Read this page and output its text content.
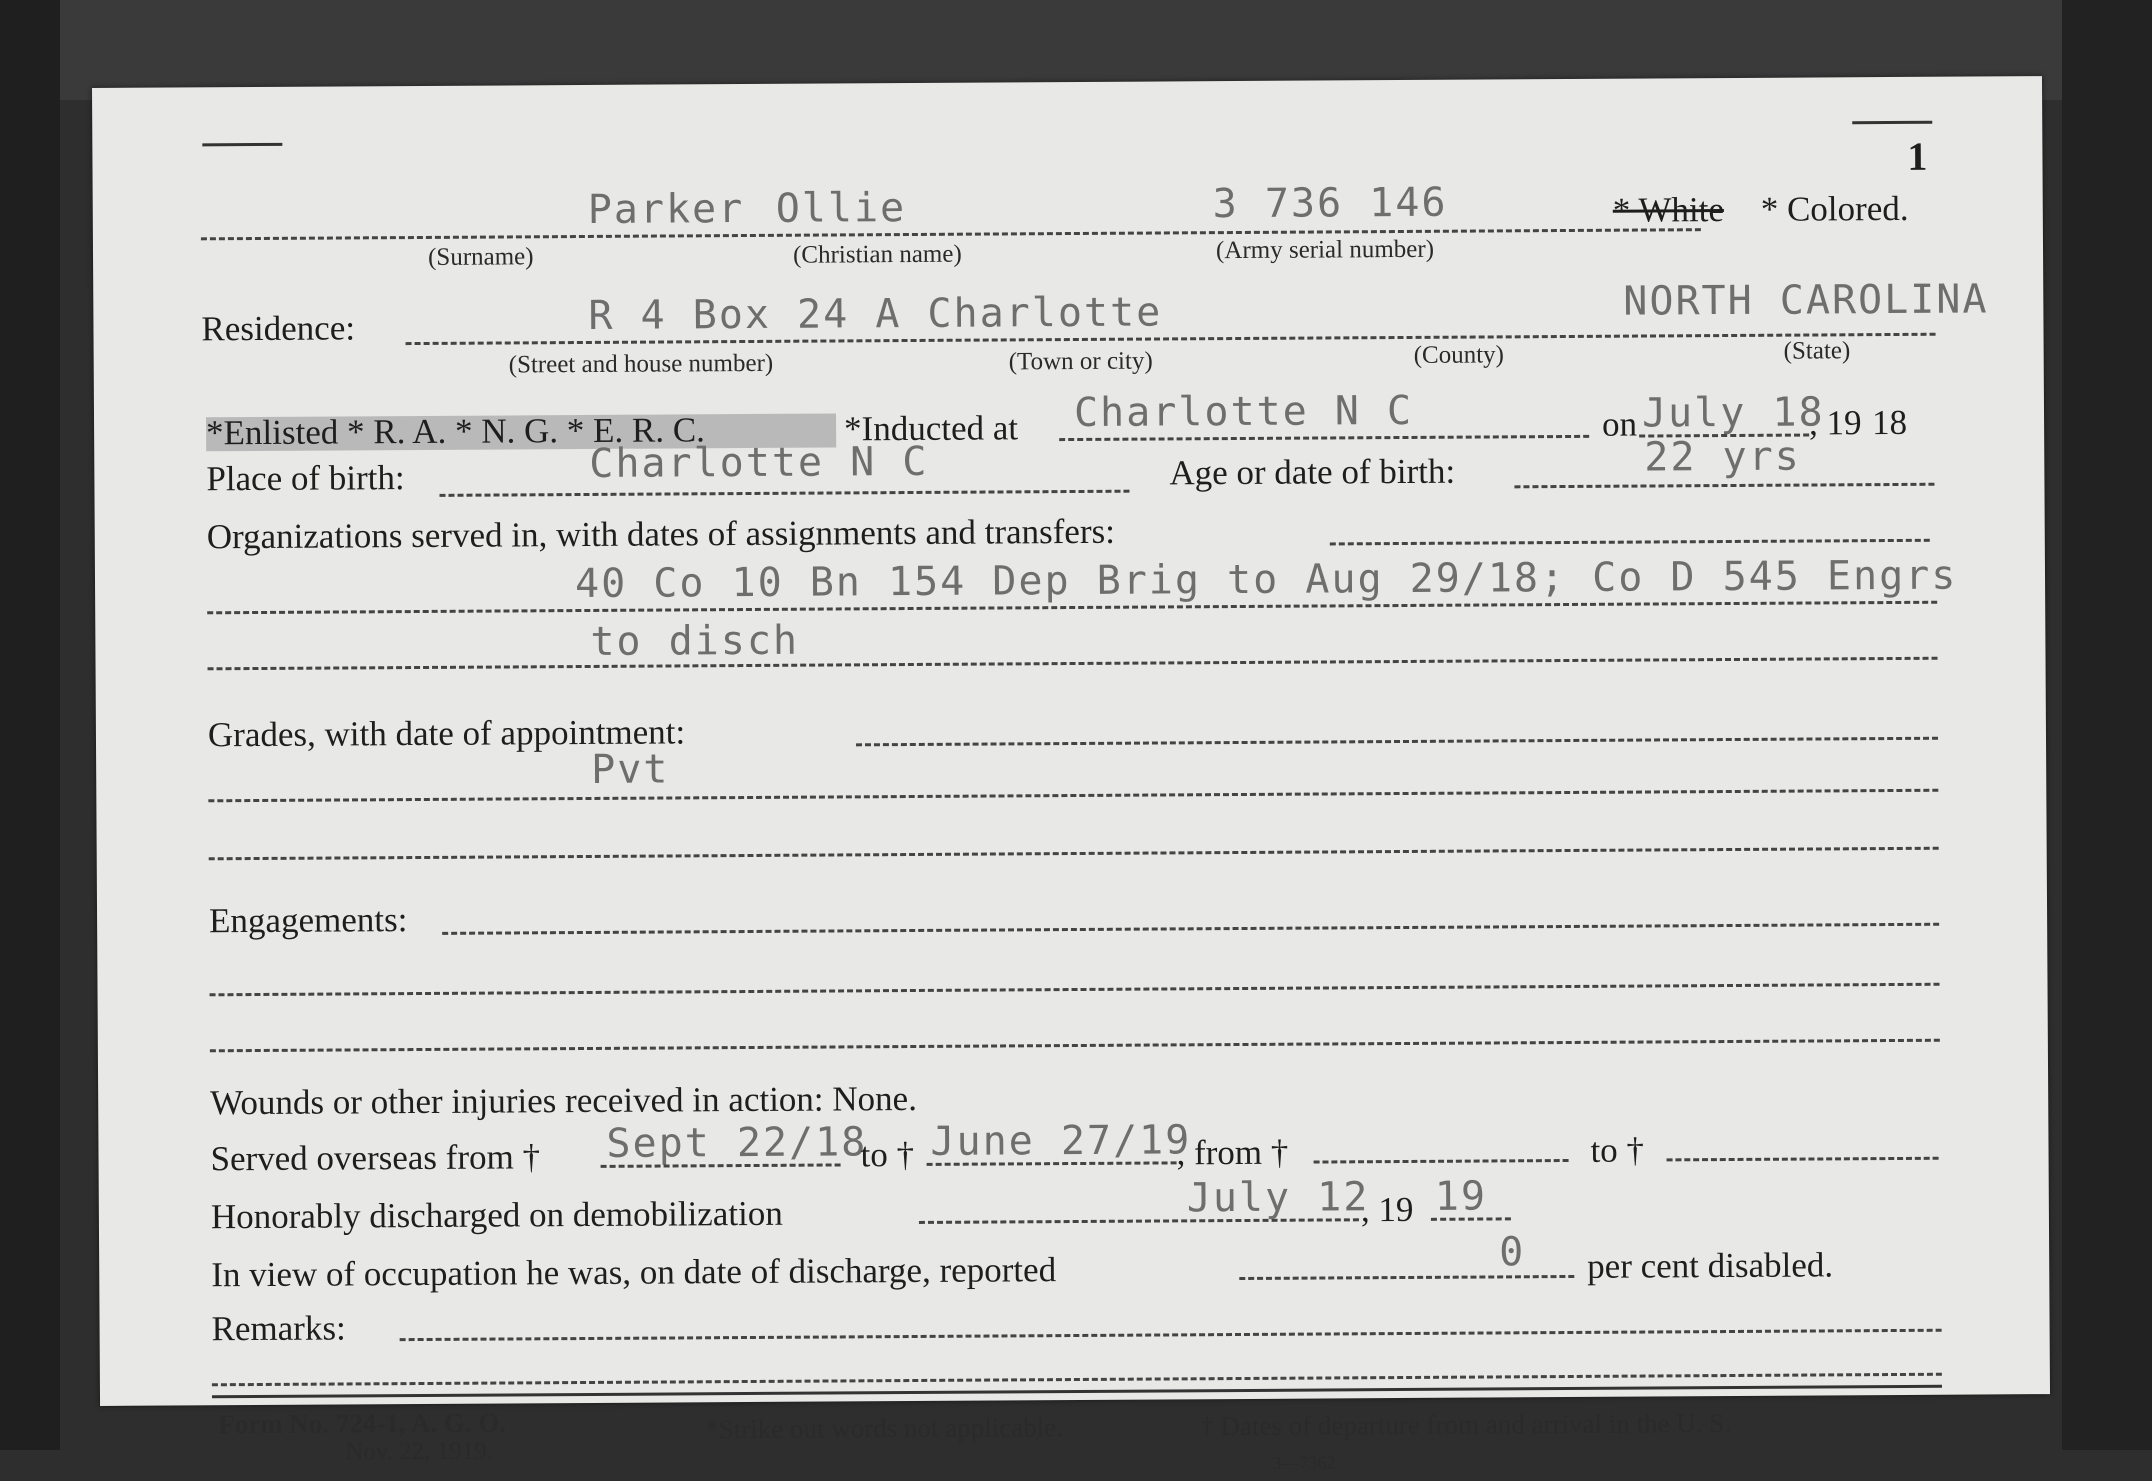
1
Parker Ollie	3 736 146	* White * Colored.
(Surname)	(Christian name)	(Army serial number)
Residence:	R 4 Box 24 A Charlotte	NORTH CAROLINA
(Street and house number)	(Town or city)	(County)	(State)
*Enlisted * R. A. * N. G. * E. R. C.	*Inducted at Charlotte N C	on July 18
, 19 18
Place of birth:	Charlotte N C	Age or date of birth:	22 yrs
Organizations served in, with dates of assignments and transfers:
40 Co 10 Bn 154 Dep Brig to Aug 29/18; Co D 545 Engrs
to disch
Grades, with date of appointment:
Pvt
Engagements:
Wounds or other injuries received in action: None.
Served overseas from † Sept 22/18
to † June 27/19
, from †	to †
Honorably discharged on demobilization	July 12
, 19 19
In view of occupation he was, on date of discharge, reported	0 per cent disabled.
Remarks:
Form No. 724-1, A. G. O.
Nov. 22, 1919.
*Strike out words not applicable.	† Dates of departure from and arrival in the U. S.
3—7362
